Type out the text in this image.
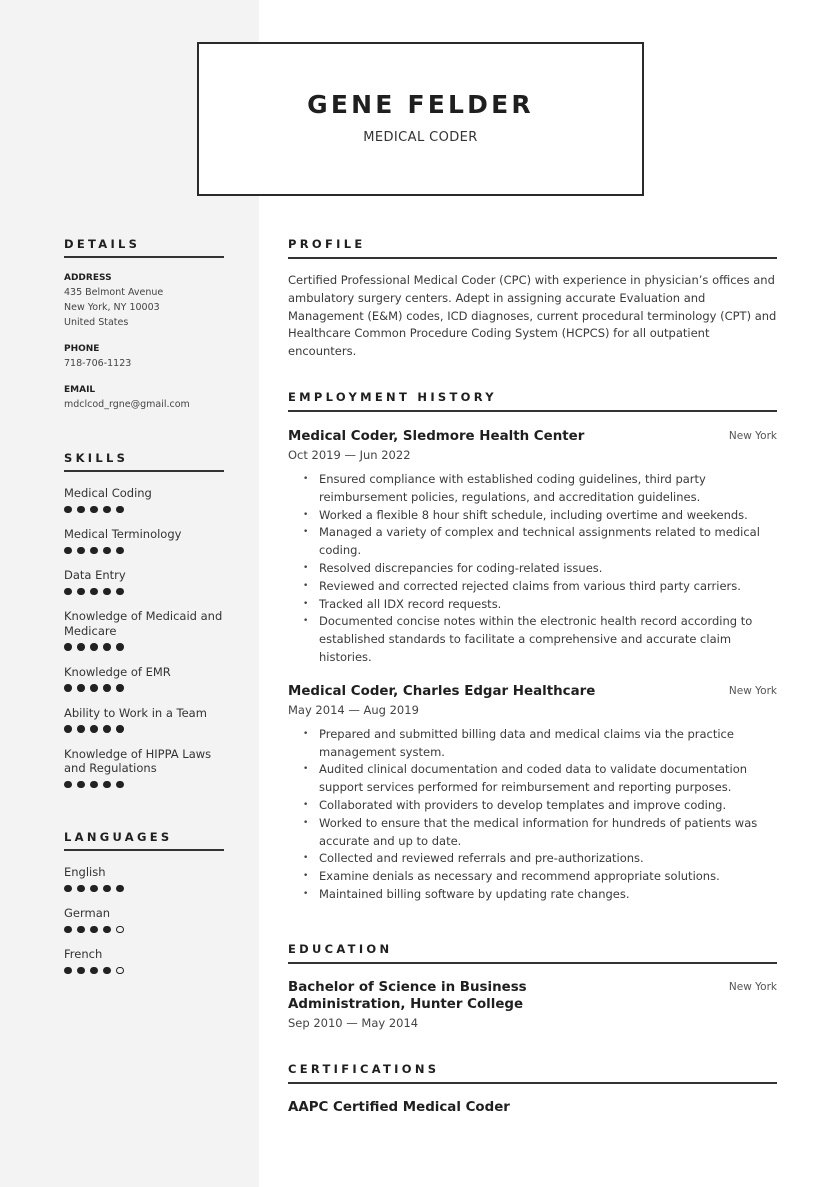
GENE FELDER
MEDICAL CODER
DETAILS
ADDRESS
435 Belmont Avenue
New York, NY 10003
United States
PHONE
718-706-1123
EMAIL
mdclcod_rgne@gmail.com
SKILLS
Medical Coding
Medical Terminology
Data Entry
Knowledge of Medicaid and Medicare
Knowledge of EMR
Ability to Work in a Team
Knowledge of HIPPA Laws and Regulations
LANGUAGES
English
German
French
PROFILE
Certified Professional Medical Coder (CPC) with experience in physician’s offices and ambulatory surgery centers. Adept in assigning accurate Evaluation and Management (E&M) codes, ICD diagnoses, current procedural terminology (CPT) and Healthcare Common Procedure Coding System (HCPCS) for all outpatient encounters.
EMPLOYMENT HISTORY
Medical Coder, Sledmore Health Center	New York
Oct 2019 — Jun 2022
• Ensured compliance with established coding guidelines, third party reimbursement policies, regulations, and accreditation guidelines.
• Worked a flexible 8 hour shift schedule, including overtime and weekends.
• Managed a variety of complex and technical assignments related to medical coding.
• Resolved discrepancies for coding-related issues.
• Reviewed and corrected rejected claims from various third party carriers.
• Tracked all IDX record requests.
• Documented concise notes within the electronic health record according to established standards to facilitate a comprehensive and accurate claim histories.
Medical Coder, Charles Edgar Healthcare	New York
May 2014 — Aug 2019
• Prepared and submitted billing data and medical claims via the practice management system.
• Audited clinical documentation and coded data to validate documentation support services performed for reimbursement and reporting purposes.
• Collaborated with providers to develop templates and improve coding.
• Worked to ensure that the medical information for hundreds of patients was accurate and up to date.
• Collected and reviewed referrals and pre-authorizations.
• Examine denials as necessary and recommend appropriate solutions.
• Maintained billing software by updating rate changes.
EDUCATION
Bachelor of Science in Business Administration, Hunter College
New York
Sep 2010 — May 2014
CERTIFICATIONS
AAPC Certified Medical Coder
